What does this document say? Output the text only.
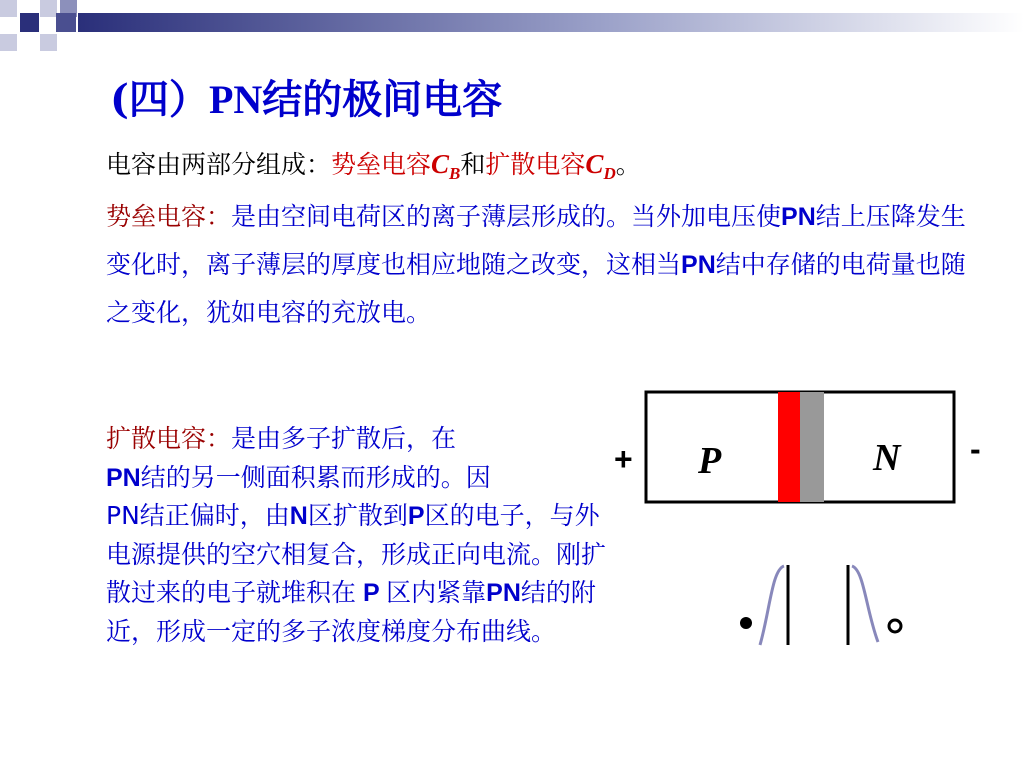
(四）PN结的极间电容
电容由两部分组成：势垒电容$C_B$和扩散电容$C_D$。
势垒电容：是由空间电荷区的离子薄层形成的。当外加电压使PN结上压降发生变化时，离子薄层的厚度也相应地随之改变，这相当PN结中存储的电荷量也随之变化，犹如电容的充放电。
扩散电容：是由多子扩散后，在
PN结的另一侧面积累而形成的。因
PN结正偏时，由N区扩散到P区的电子，与外电源提供的空穴相复合，形成正向电流。刚扩散过来的电子就堆积在 P 区内紧靠PN结的附近，形成一定的多子浓度梯度分布曲线。
P	N
+	-
